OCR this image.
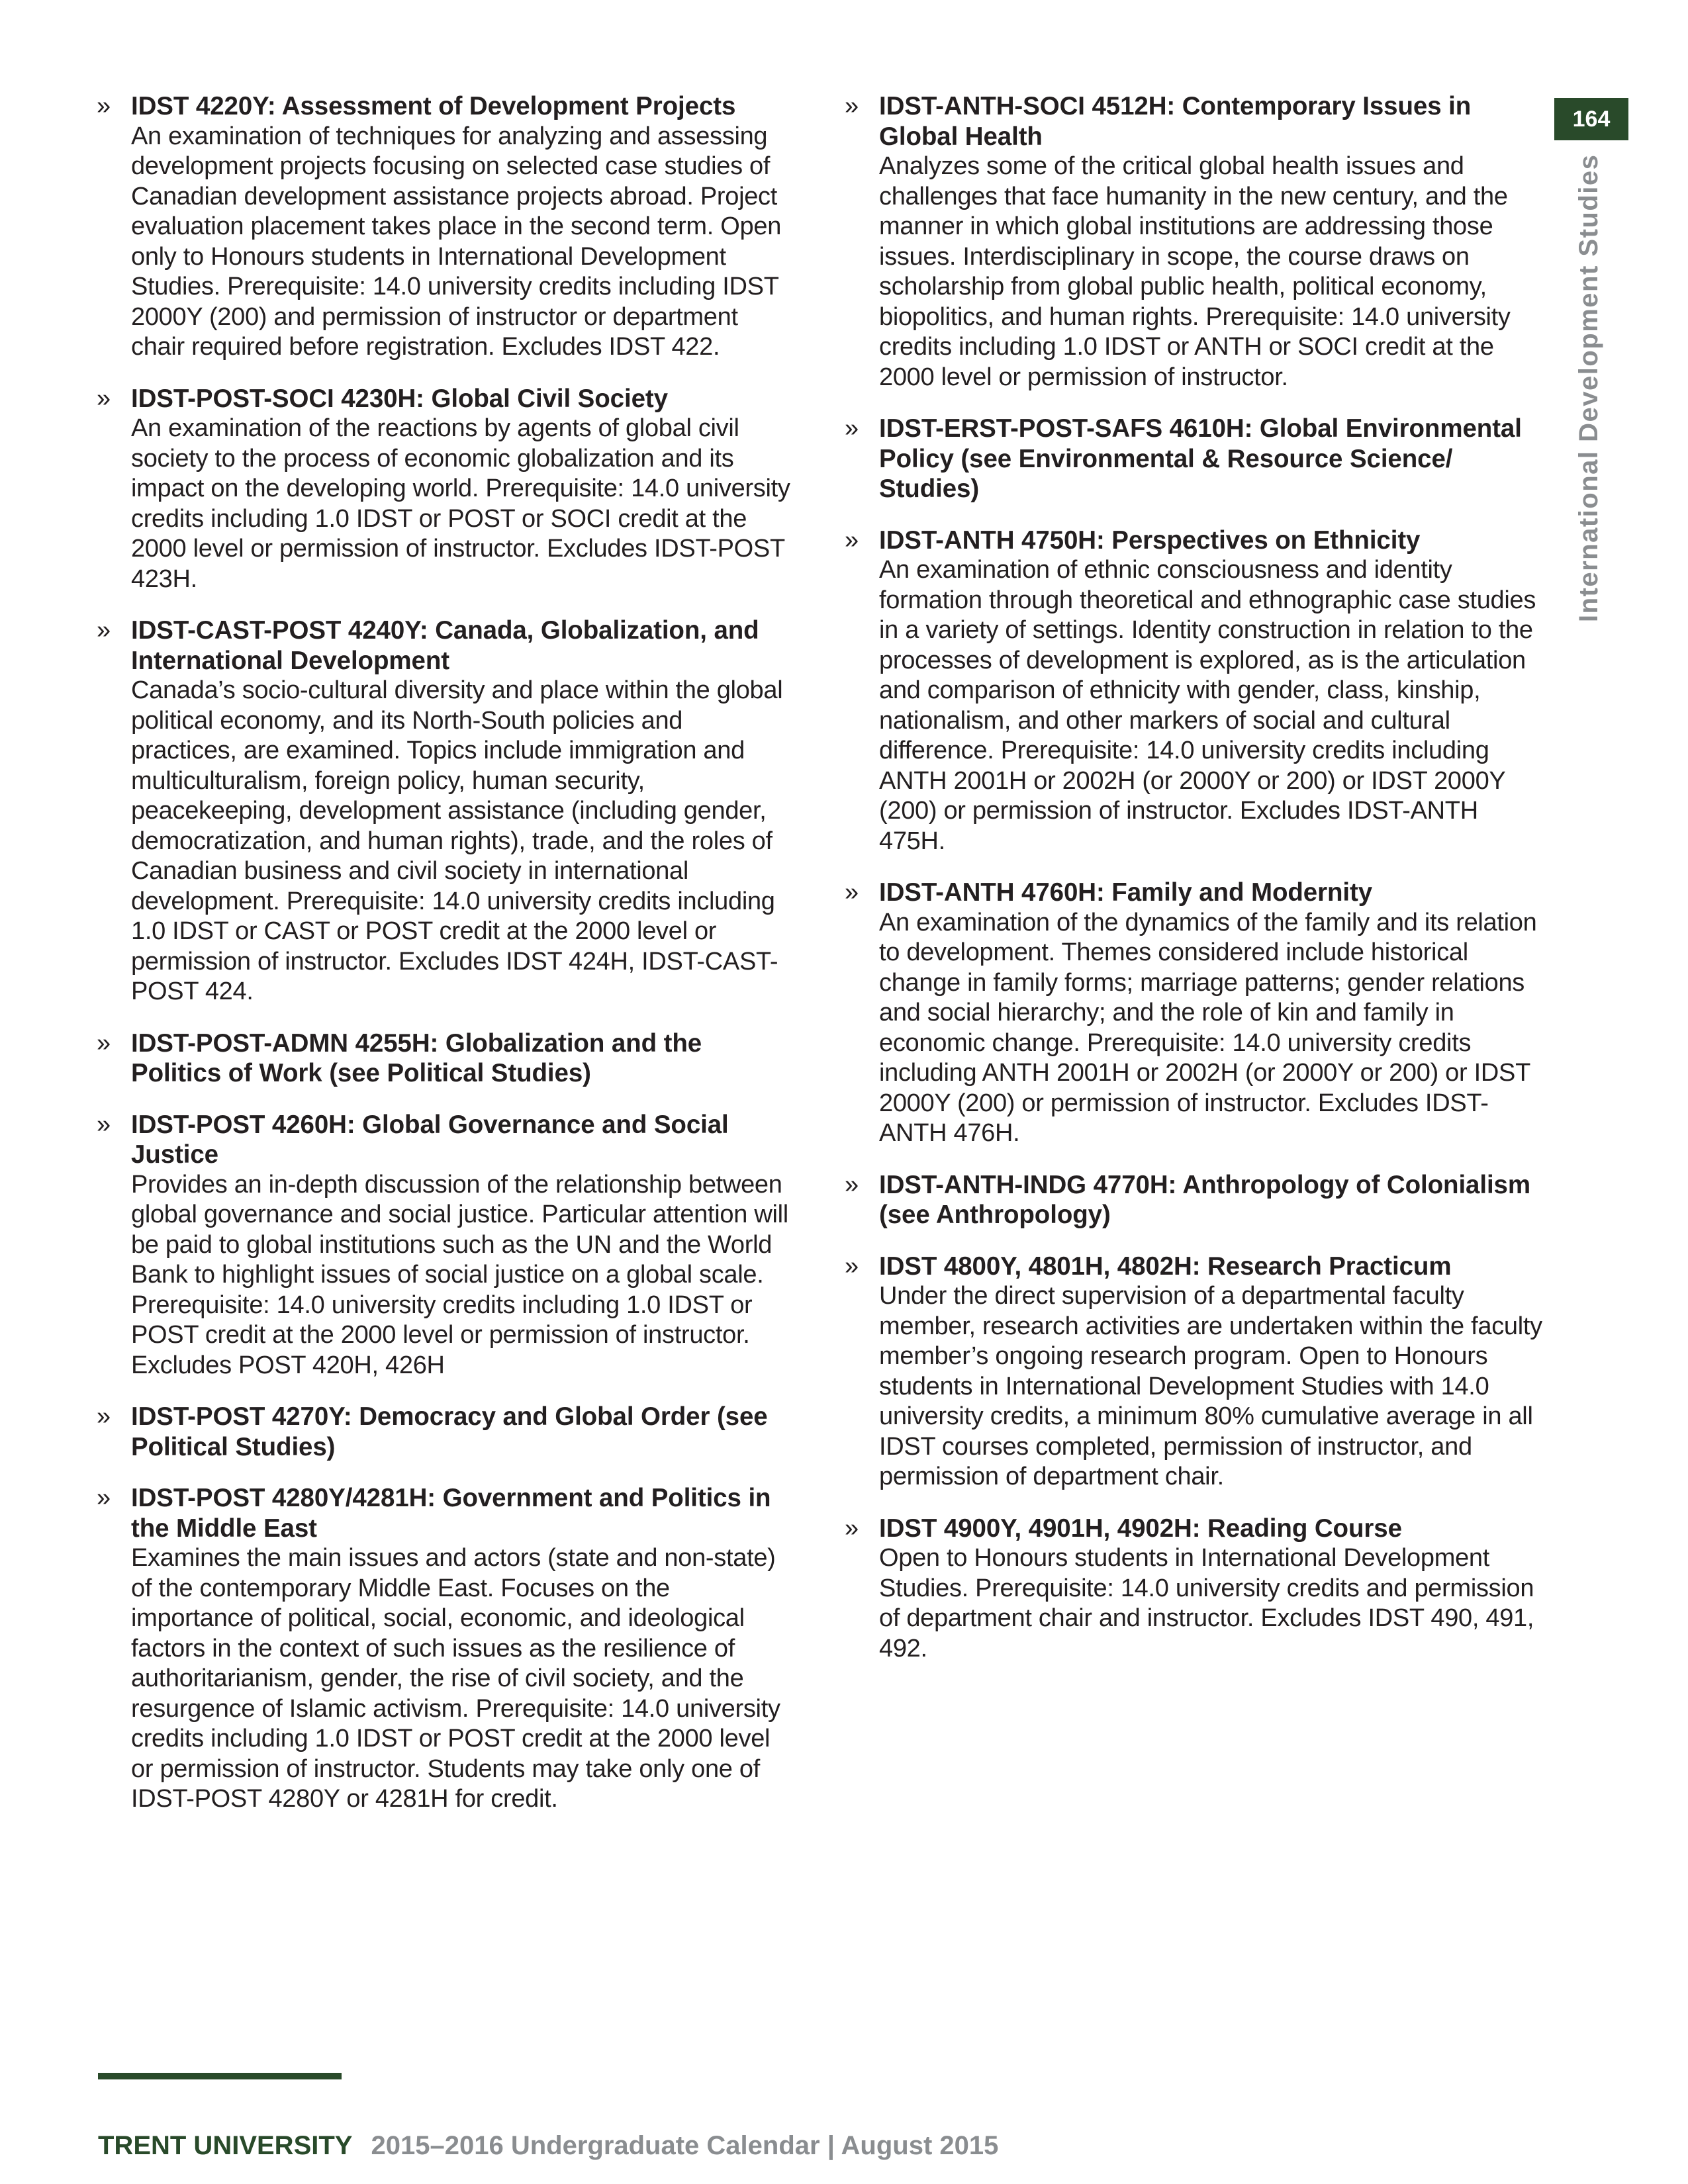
» IDST 4220Y: Assessment of Development Projects

An examination of techniques for analyzing and assessing development projects focusing on selected case studies of Canadian development assistance projects abroad. Project evaluation placement takes place in the second term. Open only to Honours students in International Development Studies. Prerequisite: 14.0 university credits including IDST 2000Y (200) and permission of instructor or department chair required before registration. Excludes IDST 422.

» IDST-POST-SOCI 4230H: Global Civil Society

An examination of the reactions by agents of global civil society to the process of economic globalization and its impact on the developing world. Prerequisite: 14.0 university credits including 1.0 IDST or POST or SOCI credit at the 2000 level or permission of instructor. Excludes IDST-POST 423H.

» IDST-CAST-POST 4240Y: Canada, Globalization, and International Development

Canada’s socio-cultural diversity and place within the global political economy, and its North-South policies and practices, are examined. Topics include immigration and multiculturalism, foreign policy, human security, peacekeeping, development assistance (including gender, democratization, and human rights), trade, and the roles of Canadian business and civil society in international development. Prerequisite: 14.0 university credits including 1.0 IDST or CAST or POST credit at the 2000 level or permission of instructor. Excludes IDST 424H, IDST-CAST-POST 424.

» IDST-POST-ADMN 4255H: Globalization and the Politics of Work (see Political Studies)

» IDST-POST 4260H: Global Governance and Social Justice

Provides an in-depth discussion of the relationship between global governance and social justice. Particular attention will be paid to global institutions such as the UN and the World Bank to highlight issues of social justice on a global scale. Prerequisite: 14.0 university credits including 1.0 IDST or POST credit at the 2000 level or permission of instructor. Excludes POST 420H, 426H

» IDST-POST 4270Y: Democracy and Global Order (see Political Studies)

» IDST-POST 4280Y/4281H: Government and Politics in the Middle East

Examines the main issues and actors (state and non-state) of the contemporary Middle East. Focuses on the importance of political, social, economic, and ideological factors in the context of such issues as the resilience of authoritarianism, gender, the rise of civil society, and the resurgence of Islamic activism. Prerequisite: 14.0 university credits including 1.0 IDST or POST credit at the 2000 level or permission of instructor. Students may take only one of IDST-POST 4280Y or 4281H for credit.

» IDST-ANTH-SOCI 4512H: Contemporary Issues in Global Health

Analyzes some of the critical global health issues and challenges that face humanity in the new century, and the manner in which global institutions are addressing those issues. Interdisciplinary in scope, the course draws on scholarship from global public health, political economy, biopolitics, and human rights. Prerequisite: 14.0 university credits including 1.0 IDST or ANTH or SOCI credit at the 2000 level or permission of instructor.

» IDST-ERST-POST-SAFS 4610H: Global Environmental Policy (see Environmental & Resource Science/ Studies)

» IDST-ANTH 4750H: Perspectives on Ethnicity

An examination of ethnic consciousness and identity formation through theoretical and ethnographic case studies in a variety of settings. Identity construction in relation to the processes of development is explored, as is the articulation and comparison of ethnicity with gender, class, kinship, nationalism, and other markers of social and cultural difference. Prerequisite: 14.0 university credits including ANTH 2001H or 2002H (or 2000Y or 200) or IDST 2000Y (200) or permission of instructor. Excludes IDST-ANTH 475H.

» IDST-ANTH 4760H: Family and Modernity

An examination of the dynamics of the family and its relation to development. Themes considered include historical change in family forms; marriage patterns; gender relations and social hierarchy; and the role of kin and family in economic change. Prerequisite: 14.0 university credits including ANTH 2001H or 2002H (or 2000Y or 200) or IDST 2000Y (200) or permission of instructor. Excludes IDST-ANTH 476H.

» IDST-ANTH-INDG 4770H: Anthropology of Colonialism (see Anthropology)

» IDST 4800Y, 4801H, 4802H: Research Practicum

Under the direct supervision of a departmental faculty member, research activities are undertaken within the faculty member’s ongoing research program. Open to Honours students in International Development Studies with 14.0 university credits, a minimum 80% cumulative average in all IDST courses completed, permission of instructor, and permission of department chair.

» IDST 4900Y, 4901H, 4902H: Reading Course

Open to Honours students in International Development Studies. Prerequisite: 14.0 university credits and permission of department chair and instructor. Excludes IDST 490, 491, 492.

164
International Development Studies
TRENT UNIVERSITY 2015–2016 Undergraduate Calendar | August 2015
